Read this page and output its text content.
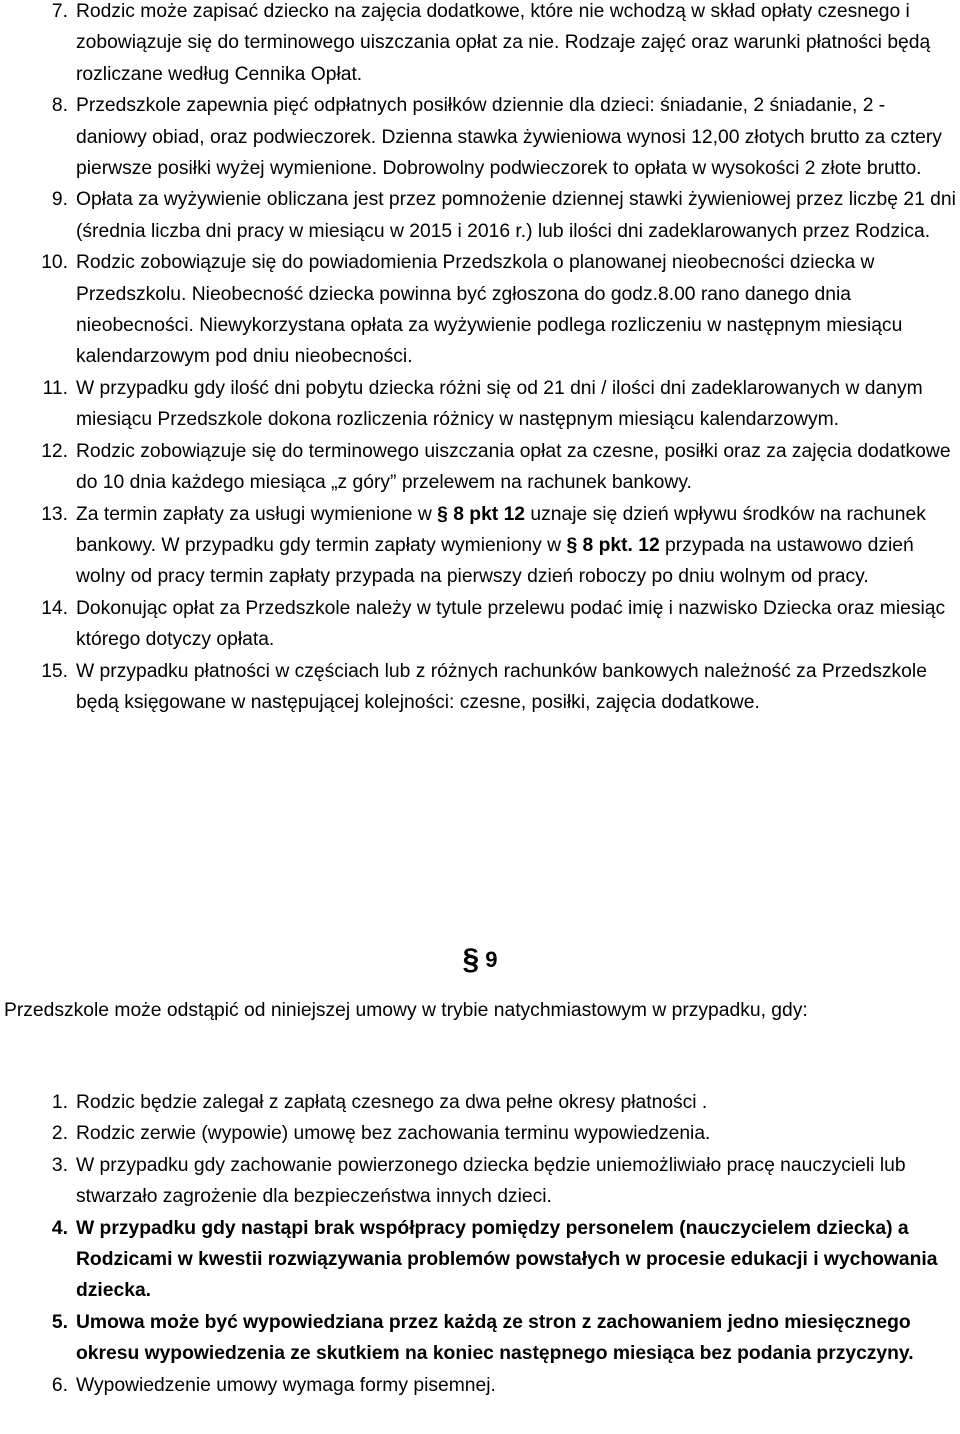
7. Rodzic może zapisać dziecko na zajęcia dodatkowe, które nie wchodzą w skład opłaty czesnego i zobowiązuje się do terminowego uiszczania opłat za nie. Rodzaje zajęć oraz warunki płatności będą rozliczane według Cennika Opłat.
8. Przedszkole zapewnia pięć odpłatnych posiłków dziennie dla dzieci: śniadanie, 2 śniadanie, 2 - daniowy obiad, oraz podwieczorek. Dzienna stawka żywieniowa wynosi 12,00 złotych brutto za cztery pierwsze posiłki wyżej wymienione. Dobrowolny podwieczorek to opłata w wysokości 2 złote brutto.
9. Opłata za wyżywienie obliczana jest przez pomnożenie dziennej stawki żywieniowej przez liczbę 21 dni (średnia liczba dni pracy w miesiącu w 2015 i 2016 r.) lub ilości dni zadeklarowanych przez Rodzica.
10. Rodzic zobowiązuje się do powiadomienia Przedszkola o planowanej nieobecności dziecka w Przedszkolu. Nieobecność dziecka powinna być zgłoszona do godz.8.00 rano danego dnia nieobecności. Niewykorzystana opłata za wyżywienie podlega rozliczeniu w następnym miesiącu kalendarzowym pod dniu nieobecności.
11. W przypadku gdy ilość dni pobytu dziecka różni się od 21 dni / ilości dni zadeklarowanych w danym miesiącu Przedszkole dokona rozliczenia różnicy w następnym miesiącu kalendarzowym.
12. Rodzic zobowiązuje się do terminowego uiszczania opłat za czesne, posiłki oraz za zajęcia dodatkowe do 10 dnia każdego miesiąca „z góry” przelewem na rachunek bankowy.
13. Za termin zapłaty za usługi wymienione w § 8 pkt 12 uznaje się dzień wpływu środków na rachunek bankowy. W przypadku gdy termin zapłaty wymieniony w § 8 pkt. 12 przypada na ustawowo dzień wolny od pracy termin zapłaty przypada na pierwszy dzień roboczy po dniu wolnym od pracy.
14. Dokonując opłat za Przedszkole należy w tytule przelewu podać imię i nazwisko Dziecka oraz miesiąc którego dotyczy opłata.
15. W przypadku płatności w częściach lub z różnych rachunków bankowych należność za Przedszkole będą księgowane w następującej kolejności: czesne, posiłki, zajęcia dodatkowe.
§ 9

Przedszkole może odstąpić od niniejszej umowy w trybie natychmiastowym w przypadku, gdy:

1. Rodzic będzie zalegał z zapłatą czesnego za dwa pełne okresy płatności .
2. Rodzic zerwie (wypowie) umowę bez zachowania terminu wypowiedzenia.
3. W przypadku gdy zachowanie powierzonego dziecka będzie uniemożliwiało pracę nauczycieli lub stwarzało zagrożenie dla bezpieczeństwa innych dzieci.
4. W przypadku gdy nastąpi brak współpracy pomiędzy personelem (nauczycielem dziecka) a Rodzicami w kwestii rozwiązywania problemów powstałych w procesie edukacji i wychowania dziecka.
5. Umowa może być wypowiedziana przez każdą ze stron z zachowaniem jedno miesięcznego okresu wypowiedzenia ze skutkiem na koniec następnego miesiąca bez podania przyczyny.
6. Wypowiedzenie umowy wymaga formy pisemnej.
